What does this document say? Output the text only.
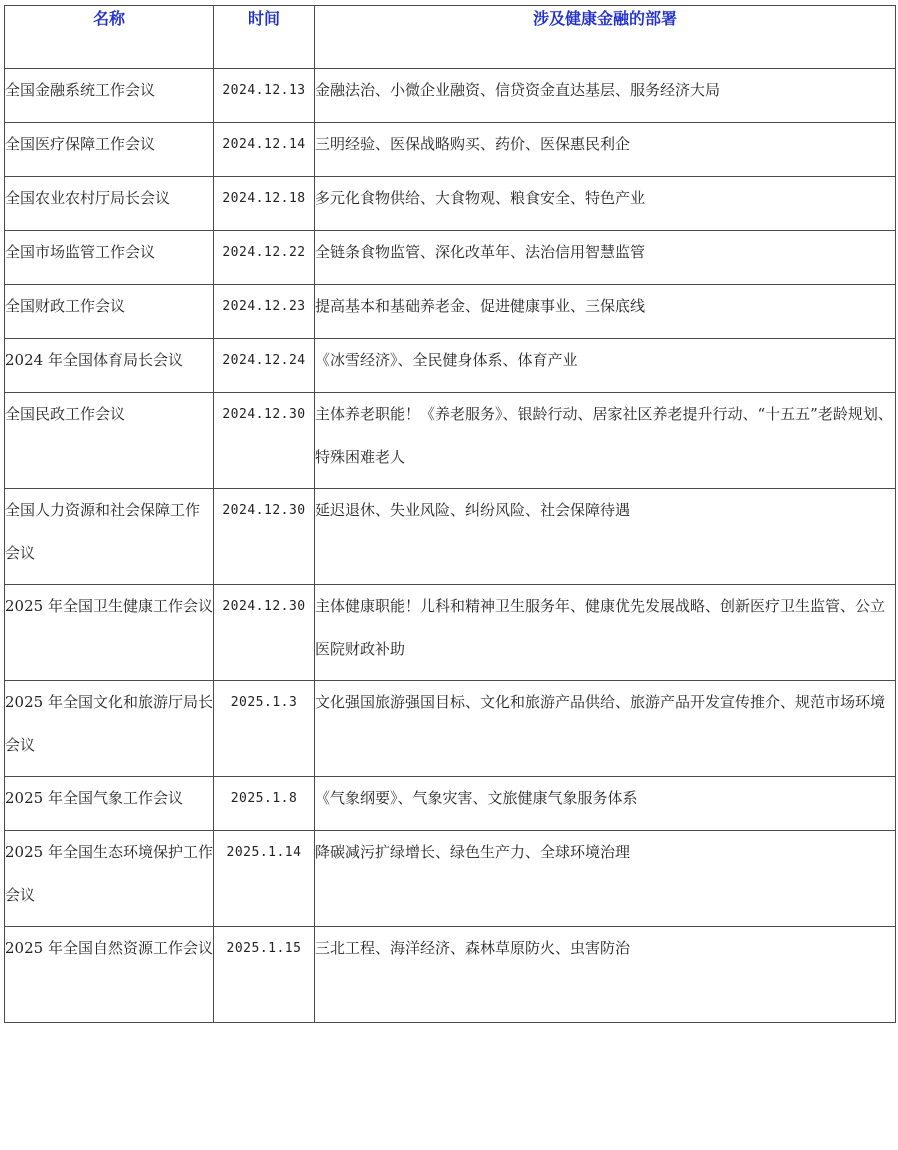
名称	时间	涉及健康金融的部署
全国金融系统工作会议	2024.12.13	金融法治、小微企业融资、信贷资金直达基层、服务经济大局
全国医疗保障工作会议	2024.12.14	三明经验、医保战略购买、药价、医保惠民利企
全国农业农村厅局长会议	2024.12.18	多元化食物供给、大食物观、粮食安全、特色产业
全国市场监管工作会议	2024.12.22	全链条食物监管、深化改革年、法治信用智慧监管
全国财政工作会议	2024.12.23	提高基本和基础养老金、促进健康事业、三保底线
2024 年全国体育局长会议	2024.12.24	《冰雪经济》、全民健身体系、体育产业
全国民政工作会议	2024.12.30	主体养老职能！《养老服务》、银龄行动、居家社区养老提升行动、“十五五”老龄规划、特殊困难老人
全国人力资源和社会保障工作会议	2024.12.30	延迟退休、失业风险、纠纷风险、社会保障待遇
2025 年全国卫生健康工作会议	2024.12.30	主体健康职能！儿科和精神卫生服务年、健康优先发展战略、创新医疗卫生监管、公立医院财政补助
2025 年全国文化和旅游厅局长会议	2025.1.3	文化强国旅游强国目标、文化和旅游产品供给、旅游产品开发宣传推介、规范市场环境
2025 年全国气象工作会议	2025.1.8	《气象纲要》、气象灾害、文旅健康气象服务体系
2025 年全国生态环境保护工作会议	2025.1.14	降碳减污扩绿增长、绿色生产力、全球环境治理
2025 年全国自然资源工作会议	2025.1.15	三北工程、海洋经济、森林草原防火、虫害防治
